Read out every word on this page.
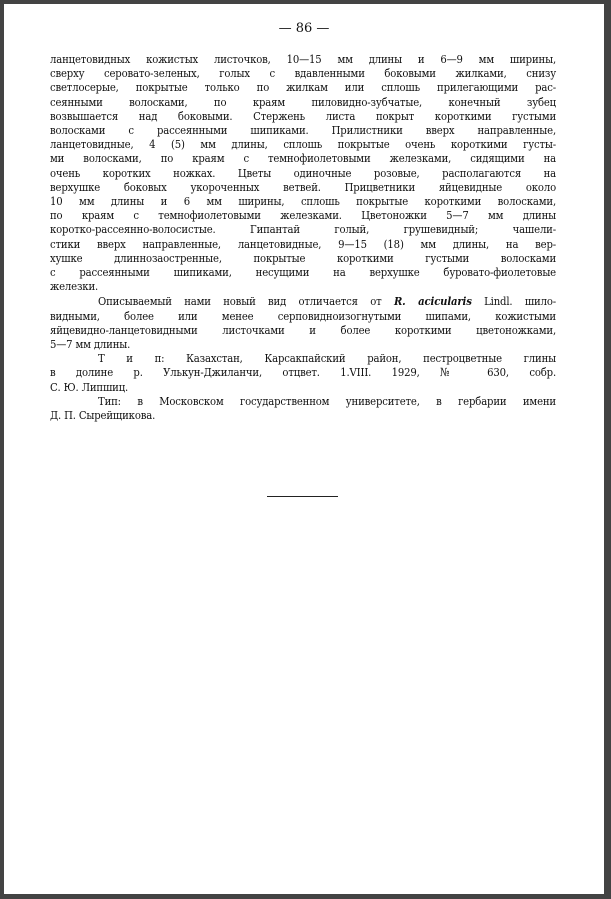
— 86 —
ланцетовидных кожистых листочков, 10—15 мм длины и 6—9 мм ширины,
сверху серовато-зеленых, голых с вдавленными боковыми жилками, снизу
светлосерые, покрытые только по жилкам или сплошь прилегающими рас-
сеянными волосками, по краям пиловидно-зубчатые, конечный зубец
возвышается над боковыми. Стержень листа покрыт короткими густыми
волосками с рассеянными шипиками. Прилистники вверх направленные,
ланцетовидные, 4 (5) мм длины, сплошь покрытые очень короткими густы-
ми волосками, по краям с темнофиолетовыми железками, сидящими на
очень коротких ножках. Цветы одиночные розовые, располагаются на
верхушке боковых укороченных ветвей. Прицветники яйцевидные около
10 мм длины и 6 мм ширины, сплошь покрытые короткими волосками,
по краям с темнофиолетовыми железками. Цветоножки 5—7 мм длины
коротко-рассеянно-волосистые. Гипантай голый, грушевидный; чашели-
стики вверх направленные, ланцетовидные, 9—15 (18) мм длины, на вер-
хушке длиннозаостренные, покрытые короткими густыми волосками
с рассеянными шипиками, несущими на верхушке буровато-фиолетовые
железки.
Описываемый нами новый вид отличается от R. acicularis Lindl. шило-
видными, более или менее серповидноизогнутыми шипами, кожистыми
яйцевидно-ланцетовидными листочками и более короткими цветоножками,
5—7 мм длины.
Т и п: Казахстан, Карсакпайский район, пестроцветные глины
в долине р. Улькун-Джиланчи, отцвет. 1.VIII. 1929, № 630, собр.
С. Ю. Липшиц.
Тип: в Московском государственном университете, в гербарии имени
Д. П. Сырейщикова.
